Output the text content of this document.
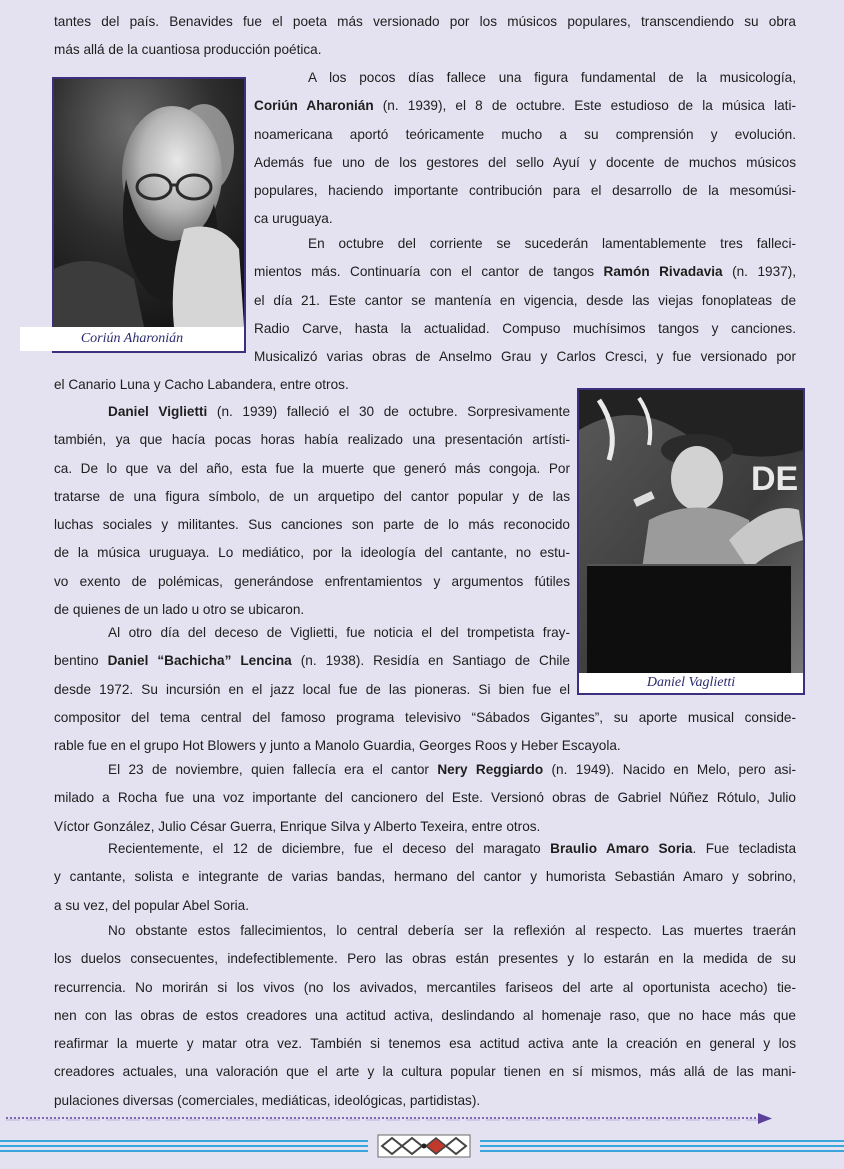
tantes del país. Benavides fue el poeta más versionado por los músicos populares, transcendiendo su obra
más allá de la cuantiosa producción poética.
Coriún Aharonián
A los pocos días fallece una figura fundamental de la musicología,
Coriún Aharonián (n. 1939), el 8 de octubre. Este estudioso de la música lati-
noamericana aportó teóricamente mucho a su comprensión y evolución.
Además fue uno de los gestores del sello Ayuí y docente de muchos músicos
populares, haciendo importante contribución para el desarrollo de la mesomúsi-
ca uruguaya.
En octubre del corriente se sucederán lamentablemente tres falleci-
mientos más. Continuaría con el cantor de tangos Ramón Rivadavia (n. 1937),
el día 21. Este cantor se mantenía en vigencia, desde las viejas fonoplateas de
Radio Carve, hasta la actualidad. Compuso muchísimos tangos y canciones.
Musicalizó varias obras de Anselmo Grau y Carlos Cresci, y fue versionado por
el Canario Luna y Cacho Labandera, entre otros.
DE
Daniel Vaglietti
Daniel Viglietti (n. 1939) falleció el 30 de octubre. Sorpresivamente
también, ya que hacía pocas horas había realizado una presentación artísti-
ca. De lo que va del año, esta fue la muerte que generó más congoja. Por
tratarse de una figura símbolo, de un arquetipo del cantor popular y de las
luchas sociales y militantes. Sus canciones son parte de lo más reconocido
de la música uruguaya. Lo mediático, por la ideología del cantante, no estu-
vo exento de polémicas, generándose enfrentamientos y argumentos fútiles
de quienes de un lado u otro se ubicaron.
Al otro día del deceso de Viglietti, fue noticia el del trompetista fray-
bentino Daniel “Bachicha” Lencina (n. 1938). Residía en Santiago de Chile
desde 1972. Su incursión en el jazz local fue de las pioneras. Si bien fue el
compositor del tema central del famoso programa televisivo “Sábados Gigantes”, su aporte musical conside-
rable fue en el grupo Hot Blowers y junto a Manolo Guardia, Georges Roos y Heber Escayola.
El 23 de noviembre, quien fallecía era el cantor Nery Reggiardo (n. 1949). Nacido en Melo, pero asi-
milado a Rocha fue una voz importante del cancionero del Este. Versionó obras de Gabriel Núñez Rótulo, Julio
Víctor González, Julio César Guerra, Enrique Silva y Alberto Texeira, entre otros.
Recientemente, el 12 de diciembre, fue el deceso del maragato Braulio Amaro Soria. Fue tecladista
y cantante, solista e integrante de varias bandas, hermano del cantor y humorista Sebastián Amaro y sobrino,
a su vez, del popular Abel Soria.
No obstante estos fallecimientos, lo central debería ser la reflexión al respecto. Las muertes traerán
los duelos consecuentes, indefectiblemente. Pero las obras están presentes y lo estarán en la medida de su
recurrencia. No morirán si los vivos (no los avivados, mercantiles fariseos del arte al oportunista acecho) tie-
nen con las obras de estos creadores una actitud activa, deslindando al homenaje raso, que no hace más que
reafirmar la muerte y matar otra vez. También si tenemos esa actitud activa ante la creación en general y los
creadores actuales, una valoración que el arte y la cultura popular tienen en sí mismos, más allá de las mani-
pulaciones diversas (comerciales, mediáticas, ideológicas, partidistas).
